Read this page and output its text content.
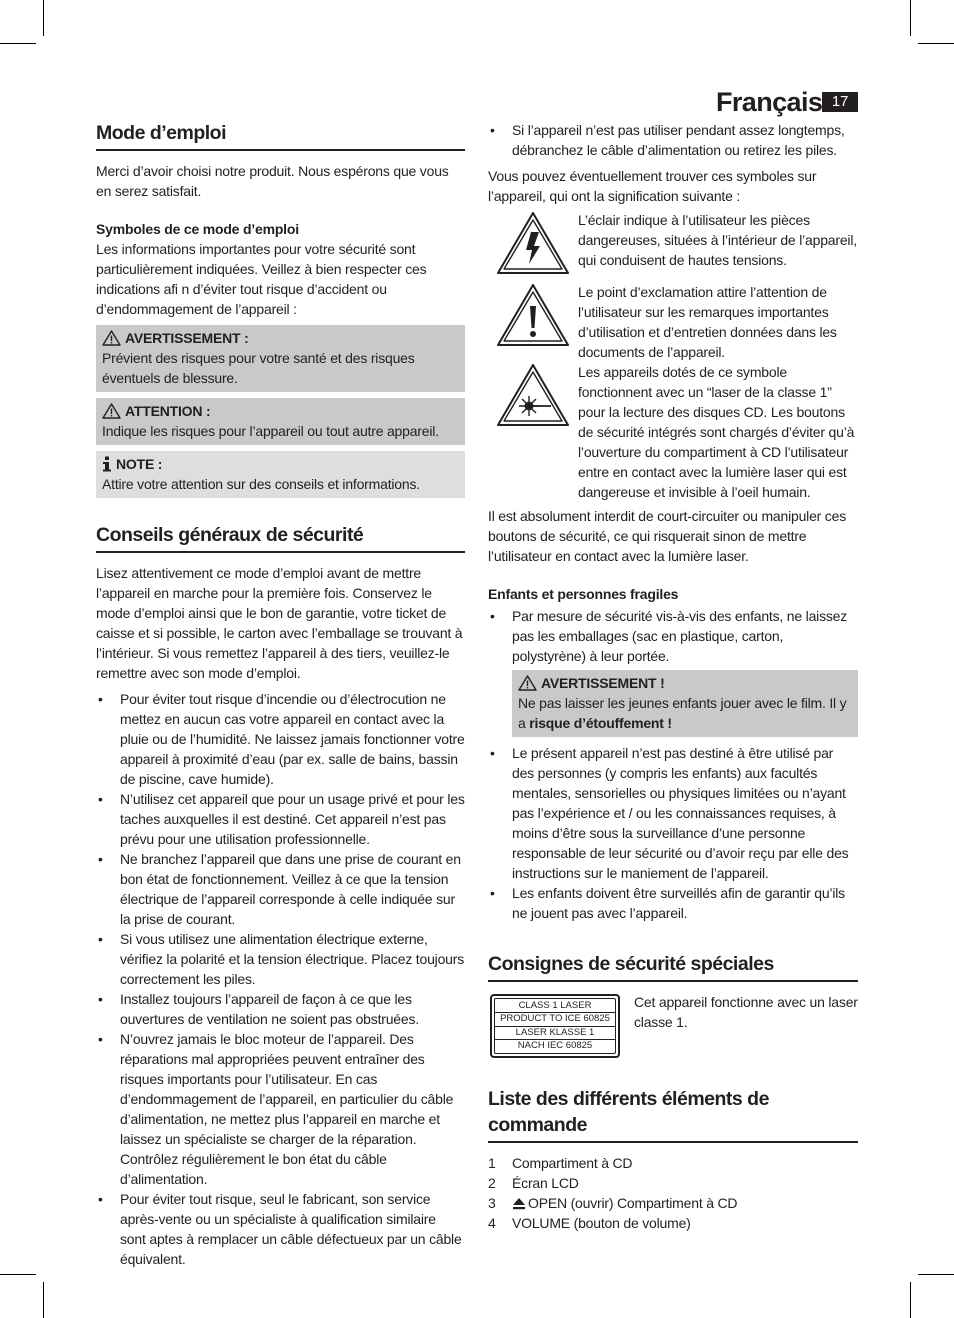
Français 17
Mode d’emploi

Merci d’avoir choisi notre produit. Nous espérons que vous en serez satisfait.

Symboles de ce mode d’emploi

Les informations importantes pour votre sécurité sont particulièrement indiquées. Veillez à bien respecter ces indications afi n d’éviter tout risque d’accident ou d’endommagement de l’appareil :

AVERTISSEMENT :

Prévient des risques pour votre santé et des risques éventuels de blessure.

ATTENTION :

Indique les risques pour l’appareil ou tout autre appareil.

NOTE :

Attire votre attention sur des conseils et informations.

Conseils généraux de sécurité

Lisez attentivement ce mode d’emploi avant de mettre l’appareil en marche pour la première fois. Conservez le mode d’emploi ainsi que le bon de garantie, votre ticket de caisse et si possible, le carton avec l’emballage se trouvant à l’intérieur. Si vous remettez l’appareil à des tiers, veuillez-le remettre avec son mode d’emploi.

• Pour éviter tout risque d’incendie ou d’électrocution ne mettez en aucun cas votre appareil en contact avec la pluie ou de l’humidité. Ne laissez jamais fonctionner votre appareil à proximité d’eau (par ex. salle de bains, bassin de piscine, cave humide).
• N’utilisez cet appareil que pour un usage privé et pour les taches auxquelles il est destiné. Cet appareil n’est pas prévu pour une utilisation professionnelle.
• Ne branchez l’appareil que dans une prise de courant en bon état de fonctionnement. Veillez à ce que la tension électrique de l’appareil corresponde à celle indiquée sur la prise de courant.
• Si vous utilisez une alimentation électrique externe, vérifiez la polarité et la tension électrique. Placez toujours correctement les piles.
• Installez toujours l’appareil de façon à ce que les ouvertures de ventilation ne soient pas obstruées.
• N’ouvrez jamais le bloc moteur de l’appareil. Des réparations mal appropriées peuvent entraîner des risques importants pour l’utilisateur. En cas d’endommagement de l’appareil, en particulier du câble d’alimentation, ne mettez plus l’appareil en marche et laissez un spécialiste se charger de la réparation. Contrôlez régulièrement le bon état du câble d’alimentation.
• Pour éviter tout risque, seul le fabricant, son service après-vente ou un spécialiste à qualification similaire sont aptes à remplacer un câble défectueux par un câble équivalent.
• Si l’appareil n’est pas utiliser pendant assez longtemps, débranchez le câble d’alimentation ou retirez les piles.

Vous pouvez éventuellement trouver ces symboles sur l’appareil, qui ont la signification suivante :

L’éclair indique à l’utilisateur les pièces dangereuses, situées à l’intérieur de l’appareil, qui conduisent de hautes tensions.

Le point d’exclamation attire l’attention de l’utilisateur sur les remarques importantes d’utilisation et d’entretien données dans les documents de l’appareil.

Les appareils dotés de ce symbole fonctionnent avec un “laser de la classe 1” pour la lecture des disques CD. Les boutons de sécurité intégrés sont chargés d’éviter qu’à l’ouverture du compartiment à CD l’utilisateur entre en contact avec la lumière laser qui est dangereuse et invisible à l’oeil humain.

Il est absolument interdit de court-circuiter ou manipuler ces boutons de sécurité, ce qui risquerait sinon de mettre l’utilisateur en contact avec la lumière laser.

Enfants et personnes fragiles
• Par mesure de sécurité vis-à-vis des enfants, ne laissez pas les emballages (sac en plastique, carton, polystyrène) à leur portée.
AVERTISSEMENT !

Ne pas laisser les jeunes enfants jouer avec le film. Il y a risque d’étouffement !

• Le présent appareil n’est pas destiné à être utilisé par des personnes (y compris les enfants) aux facultés mentales, sensorielles ou physiques limitées ou n’ayant pas l’expérience et / ou les connaissances requises, à moins d’être sous la surveillance d’une personne responsable de leur sécurité ou d’avoir reçu par elle des instructions sur le maniement de l’appareil.
• Les enfants doivent être surveillés afin de garantir qu’ils ne jouent pas avec l’appareil.
Consignes de sécurité spéciales
CLASS 1 LASER
PRODUCT TO ICE 60825
LASER KLASSE 1
NACH IEC 60825

Cet appareil fonctionne avec un laser classe 1.

Liste des différents éléments de commande
1	Compartiment à CD
2	Écran LCD
3	OPEN (ouvrir) Compartiment à CD
4	VOLUME (bouton de volume)
